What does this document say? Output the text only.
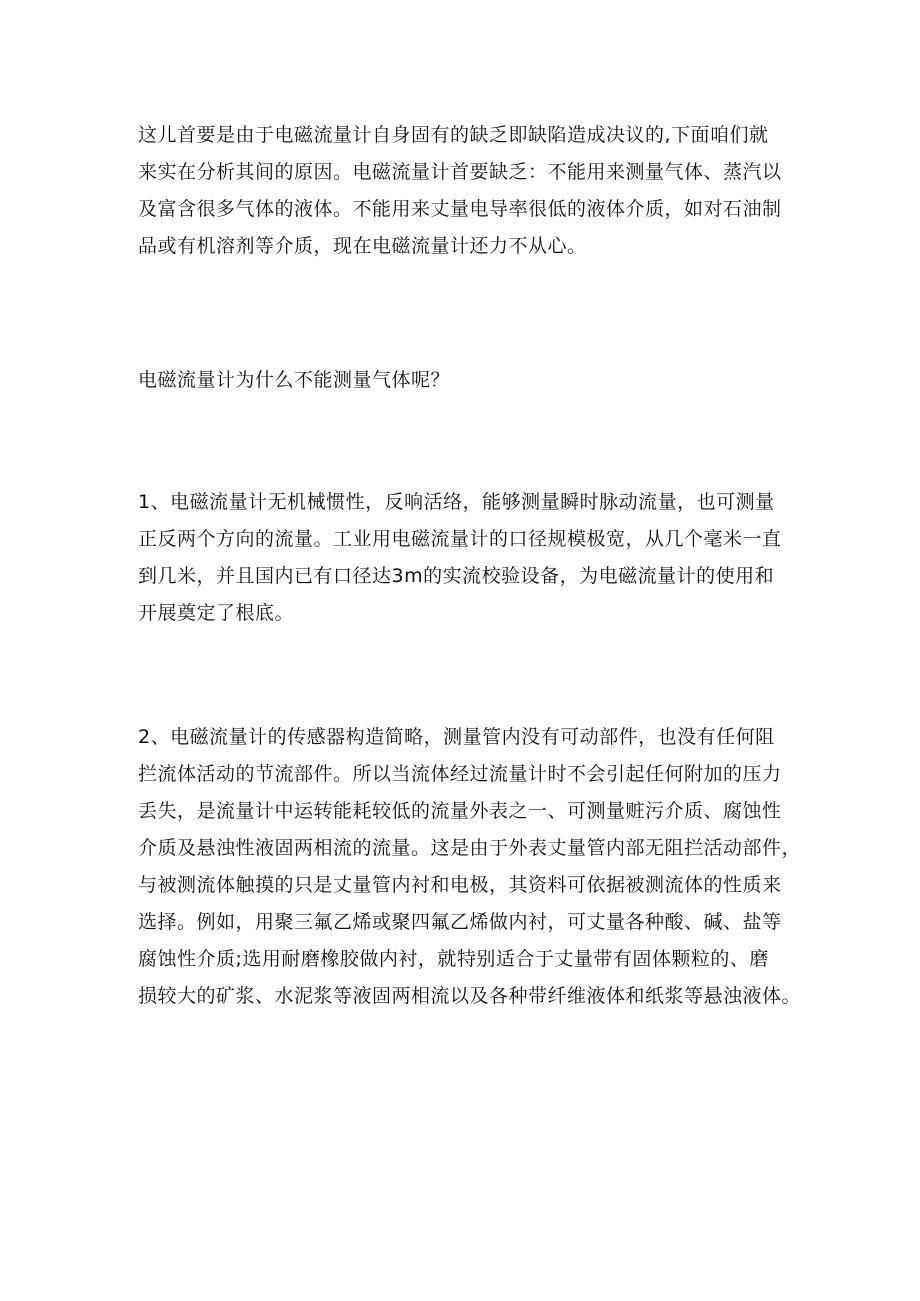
这儿首要是由于电磁流量计自身固有的缺乏即缺陷造成决议的,下面咱们就
来实在分析其间的原因。电磁流量计首要缺乏：不能用来测量气体、蒸汽以
及富含很多气体的液体。不能用来丈量电导率很低的液体介质，如对石油制
品或有机溶剂等介质，现在电磁流量计还力不从心。

电磁流量计为什么不能测量气体呢？

1、电磁流量计无机械惯性，反响活络，能够测量瞬时脉动流量，也可测量
正反两个方向的流量。工业用电磁流量计的口径规模极宽，从几个毫米一直
到几米，并且国内已有口径达3m的实流校验设备，为电磁流量计的使用和
开展奠定了根底。

2、电磁流量计的传感器构造简略，测量管内没有可动部件，也没有任何阻
拦流体活动的节流部件。所以当流体经过流量计时不会引起任何附加的压力
丢失，是流量计中运转能耗较低的流量外表之一、可测量赃污介质、腐蚀性
介质及悬浊性液固两相流的流量。这是由于外表丈量管内部无阻拦活动部件，
与被测流体触摸的只是丈量管内衬和电极，其资料可依据被测流体的性质来
选择。例如，用聚三氟乙烯或聚四氟乙烯做内衬，可丈量各种酸、碱、盐等
腐蚀性介质;选用耐磨橡胶做内衬，就特别适合于丈量带有固体颗粒的、磨
损较大的矿浆、水泥浆等液固两相流以及各种带纤维液体和纸浆等悬浊液体。
